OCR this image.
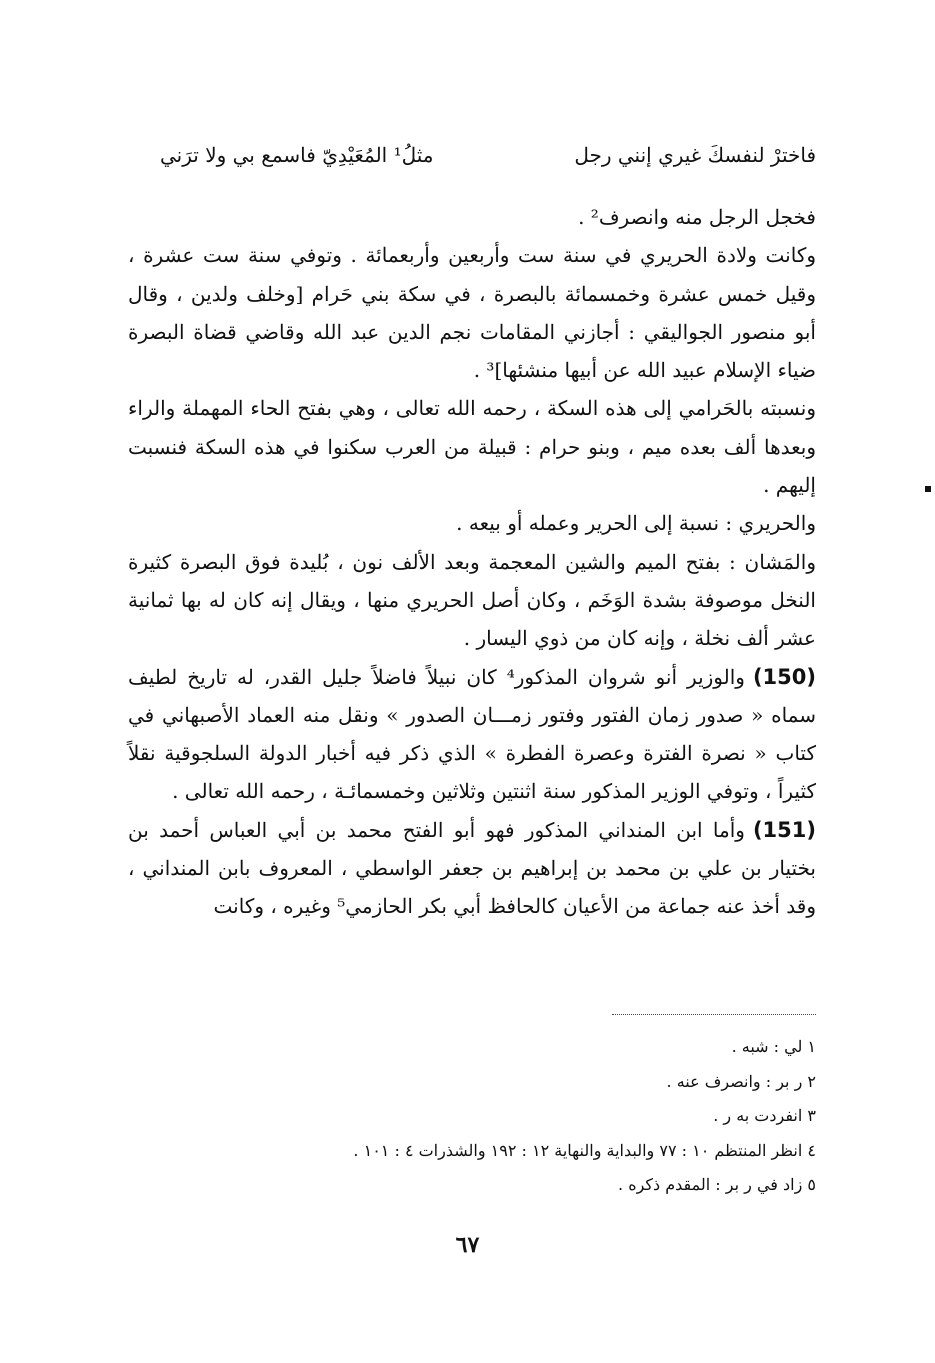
فاخترْ لنفسكَ غيري إنني رجل
مثلُ¹ المُعَيْدِيّ فاسمع بي ولا ترَني

فخجل الرجل منه وانصرف² .

وكانت ولادة الحريري في سنة ست وأربعين وأربعمائة . وتوفي سنة ست عشرة ، وقيل خمس عشرة وخمسمائة بالبصرة ، في سكة بني حَرام [وخلف ولدين ، وقال أبو منصور الجواليقي : أجازني المقامات نجم الدين عبد الله وقاضي قضاة البصرة ضياء الإسلام عبيد الله عن أبيها منشئها]³ .

ونسبته بالحَرامي إلى هذه السكة ، رحمه الله تعالى ، وهي بفتح الحاء المهملة والراء وبعدها ألف بعده ميم ، وبنو حرام : قبيلة من العرب سكنوا في هذه السكة فنسبت إليهم .

والحريري : نسبة إلى الحرير وعمله أو بيعه .

والمَشان : بفتح الميم والشين المعجمة وبعد الألف نون ، بُليدة فوق البصرة كثيرة النخل موصوفة بشدة الوَخَم ، وكان أصل الحريري منها ، ويقال إنه كان له بها ثمانية عشر ألف نخلة ، وإنه كان من ذوي اليسار .

(150)والوزير أنو شروان المذكور⁴ كان نبيلاً فاضلاً جليل القدر، له تاريخ لطيف سماه « صدور زمان الفتور وفتور زمـــان الصدور » ونقل منه العماد الأصبهاني في كتاب « نصرة الفترة وعصرة الفطرة » الذي ذكر فيه أخبار الدولة السلجوقية نقلاً كثيراً ، وتوفي الوزير المذكور سنة اثنتين وثلاثين وخمسمائـة ، رحمه الله تعالى .

(151)وأما ابن المنداني المذكور فهو أبو الفتح محمد بن أبي العباس أحمد بن بختيار بن علي بن محمد بن إبراهيم بن جعفر الواسطي ، المعروف بابن المنداني ، وقد أخذ عنه جماعة من الأعيان كالحافظ أبي بكر الحازمي⁵ وغيره ، وكانت

١ لي : شبه .

٢ ر بر : وانصرف عنه .

٣ انفردت به ر .

٤ انظر المنتظم ١٠ : ٧٧ والبداية والنهاية ١٢ : ١٩٢ والشذرات ٤ : ١٠١ .

٥ زاد في ر بر : المقدم ذكره .

٦٧
